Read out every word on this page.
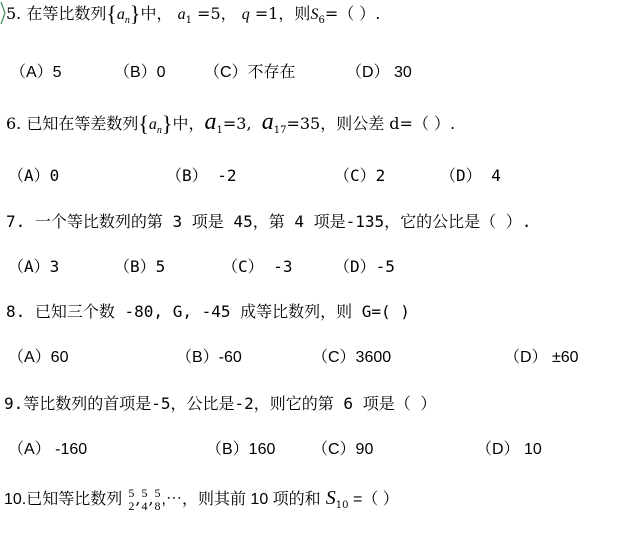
5. 在等比数列$\{a_n\}$中， $a_1 =5$， q =1，则$S_6=$（ ）.
（A）5	（B）0 （C）不存在	（D） 30
6. 已知在等差数列$\{a_n\}$中，$a_1=3$, $a_{17}=35$，则公差 d=（ ）.
（A）0	（B） -2	（C）2	（D） 4
7. 一个等比数列的第 3 项是 45，第 4 项是-135，它的公比是（ ）.
（A）3	（B）5	（C） -3	（D）-5
8. 已知三个数 -80, G, -45 成等比数列，则 G=( )
（A）60	（B）-60	（C）3600	（D） ±60
9.等比数列的首项是-5，公比是-2，则它的第 6 项是（ ）
（A） -160	（B）160 （C）90	（D） 10
10.已知等比数列 5
2 , 5
4 , 5
8 ,⋯，则其前 10 项的和 $S_{10}$ =（ ）
